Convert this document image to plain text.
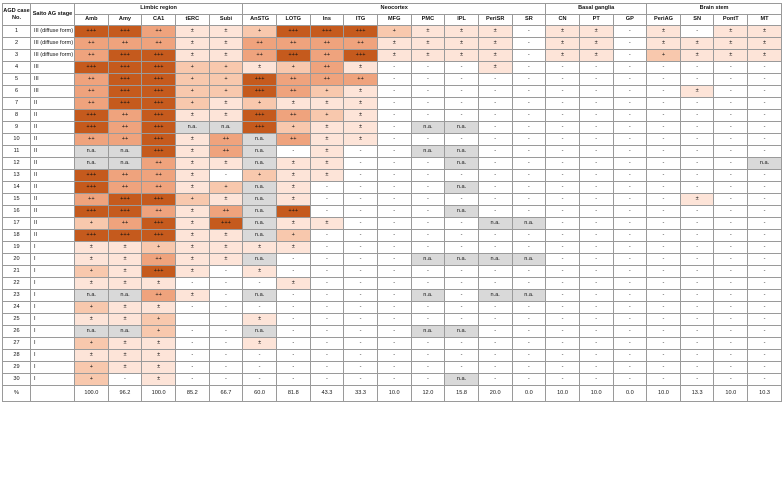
AGD case No.	Saito AG stage	Limbic region					Neocortex									Basal ganglia			Brain stem			
		Amb	Amy	CA1	tERC	Subi	AnSTG	LOTG	Ins	ITG	MFG	PMC	IPL	PeriSR	SR	CN	PT	GP	PeriAG	SN	PontT	MT
1	III (diffuse form)	+++	+++	++	±	±	+	+++	+++	+++	+	±	±	±	-	±	±	-	±	-	±	±
2	III (diffuse form)	++	++	++	±	±	++	++	++	++	±	±	±	±	-	±	±	-	±	±	±	±
3	III (diffuse form)	++	+++	+++	±	±	++	+++	++	+++	±	±	±	±	-	±	±	-	+	±	±	±
4	III	+++	+++	+++	+	+	±	+	++	±	-	-	-	±	-	-	-	-	-	-	-	-
5	III	++	+++	+++	+	+	+++	++	++	++	-	-	-	-	-	-	-	-	-	-	-	-
6	III	++	+++	+++	+	+	+++	++	+	±	-	-	-	-	-	-	-	-	-	±	-	-
7	II	++	+++	+++	+	±	+	±	±	±	-	-	-	-	-	-	-	-	-	-	-	-
8	II	+++	++	+++	±	±	+++	++	+	±	-	-	-	-	-	-	-	-	-	-	-	-
9	II	+++	++	+++	n.a.	n.a.	+++	+	±	±	-	n.a.	n.a.	-	-	-	-	-	-	-	-	-
10	II	++	++	+++	±	++	n.a.	++	±	±	-	-	-	-	-	-	-	-	-	-	-	-
11	II	n.a.	n.a.	+++	±	++	n.a.	-	±	-	-	n.a.	n.a.	-	-	-	-	-	-	-	-	-
12	II	n.a.	n.a.	++	±	±	n.a.	±	±	-	-	-	n.a.	-	-	-	-	-	-	-	-	n.a.
13	II	+++	++	++	±	-	+	±	±	-	-	-	-	-	-	-	-	-	-	-	-	-
14	II	+++	++	++	±	+	n.a.	±	-	-	-	-	n.a.	-	-	-	-	-	-	-	-	-
15	II	++	+++	+++	+	±	n.a.	±	-	-	-	-	-	-	-	-	-	-	-	±	-	-
16	II	+++	+++	++	±	++	n.a.	+++	-	-	-	-	n.a.	-	-	-	-	-	-	-	-	-
17	II	+	++	+++	±	+++	n.a.	±	±	-	-	-	-	n.a.	n.a.	-	-	-	-	-	-	-
18	II	+++	+++	+++	±	±	n.a.	+	-	-	-	-	-	-	-	-	-	-	-	-	-	-
19	I	±	±	+	±	±	±	±	-	-	-	-	-	-	-	-	-	-	-	-	-	-
20	I	±	±	++	±	±	n.a.	-	-	-	-	n.a.	n.a.	n.a.	n.a.	-	-	-	-	-	-	-
21	I	+	±	+++	±	-	±	-	-	-	-	-	-	-	-	-	-	-	-	-	-	-
22	I	±	±	±	-	-	-	±	-	-	-	-	-	-	-	-	-	-	-	-	-	-
23	I	n.a.	n.a.	++	±	-	n.a.	-	-	-	-	n.a.	-	n.a.	n.a.	-	-	-	-	-	-	-
24	I	+	±	±	-	-	-	-	-	-	-	-	-	-	-	-	-	-	-	-	-	-
25	I	±	±	+			±	-	-	-	-	-	-	-	-	-	-	-	-	-	-	-
26	I	n.a.	n.a.	+	-	-	n.a.	-	-	-	-	n.a.	n.a.	-	-	-	-	-	-	-	-	-
27	I	+	±	±	-	-	±	-	-	-	-	-	-	-	-	-	-	-	-	-	-	-
28	I	±	±	±	-	-	-	-	-	-	-	-	-	-	-	-	-	-	-	-	-	-
29	I	+	±	±	-	-	-	-	-	-	-	-	-	-	-	-	-	-	-	-	-	-
30	I	+	-	±	-	-	-	-	-	-	-	-	n.a.	-	-	-	-	-	-	-	-	-
%		100.0	96.2	100.0	85.2	66.7	60.0	81.8	43.3	33.3	10.0	12.0	15.8	20.0	0.0	10.0	10.0	0.0	10.0	13.3	10.0	10.3
